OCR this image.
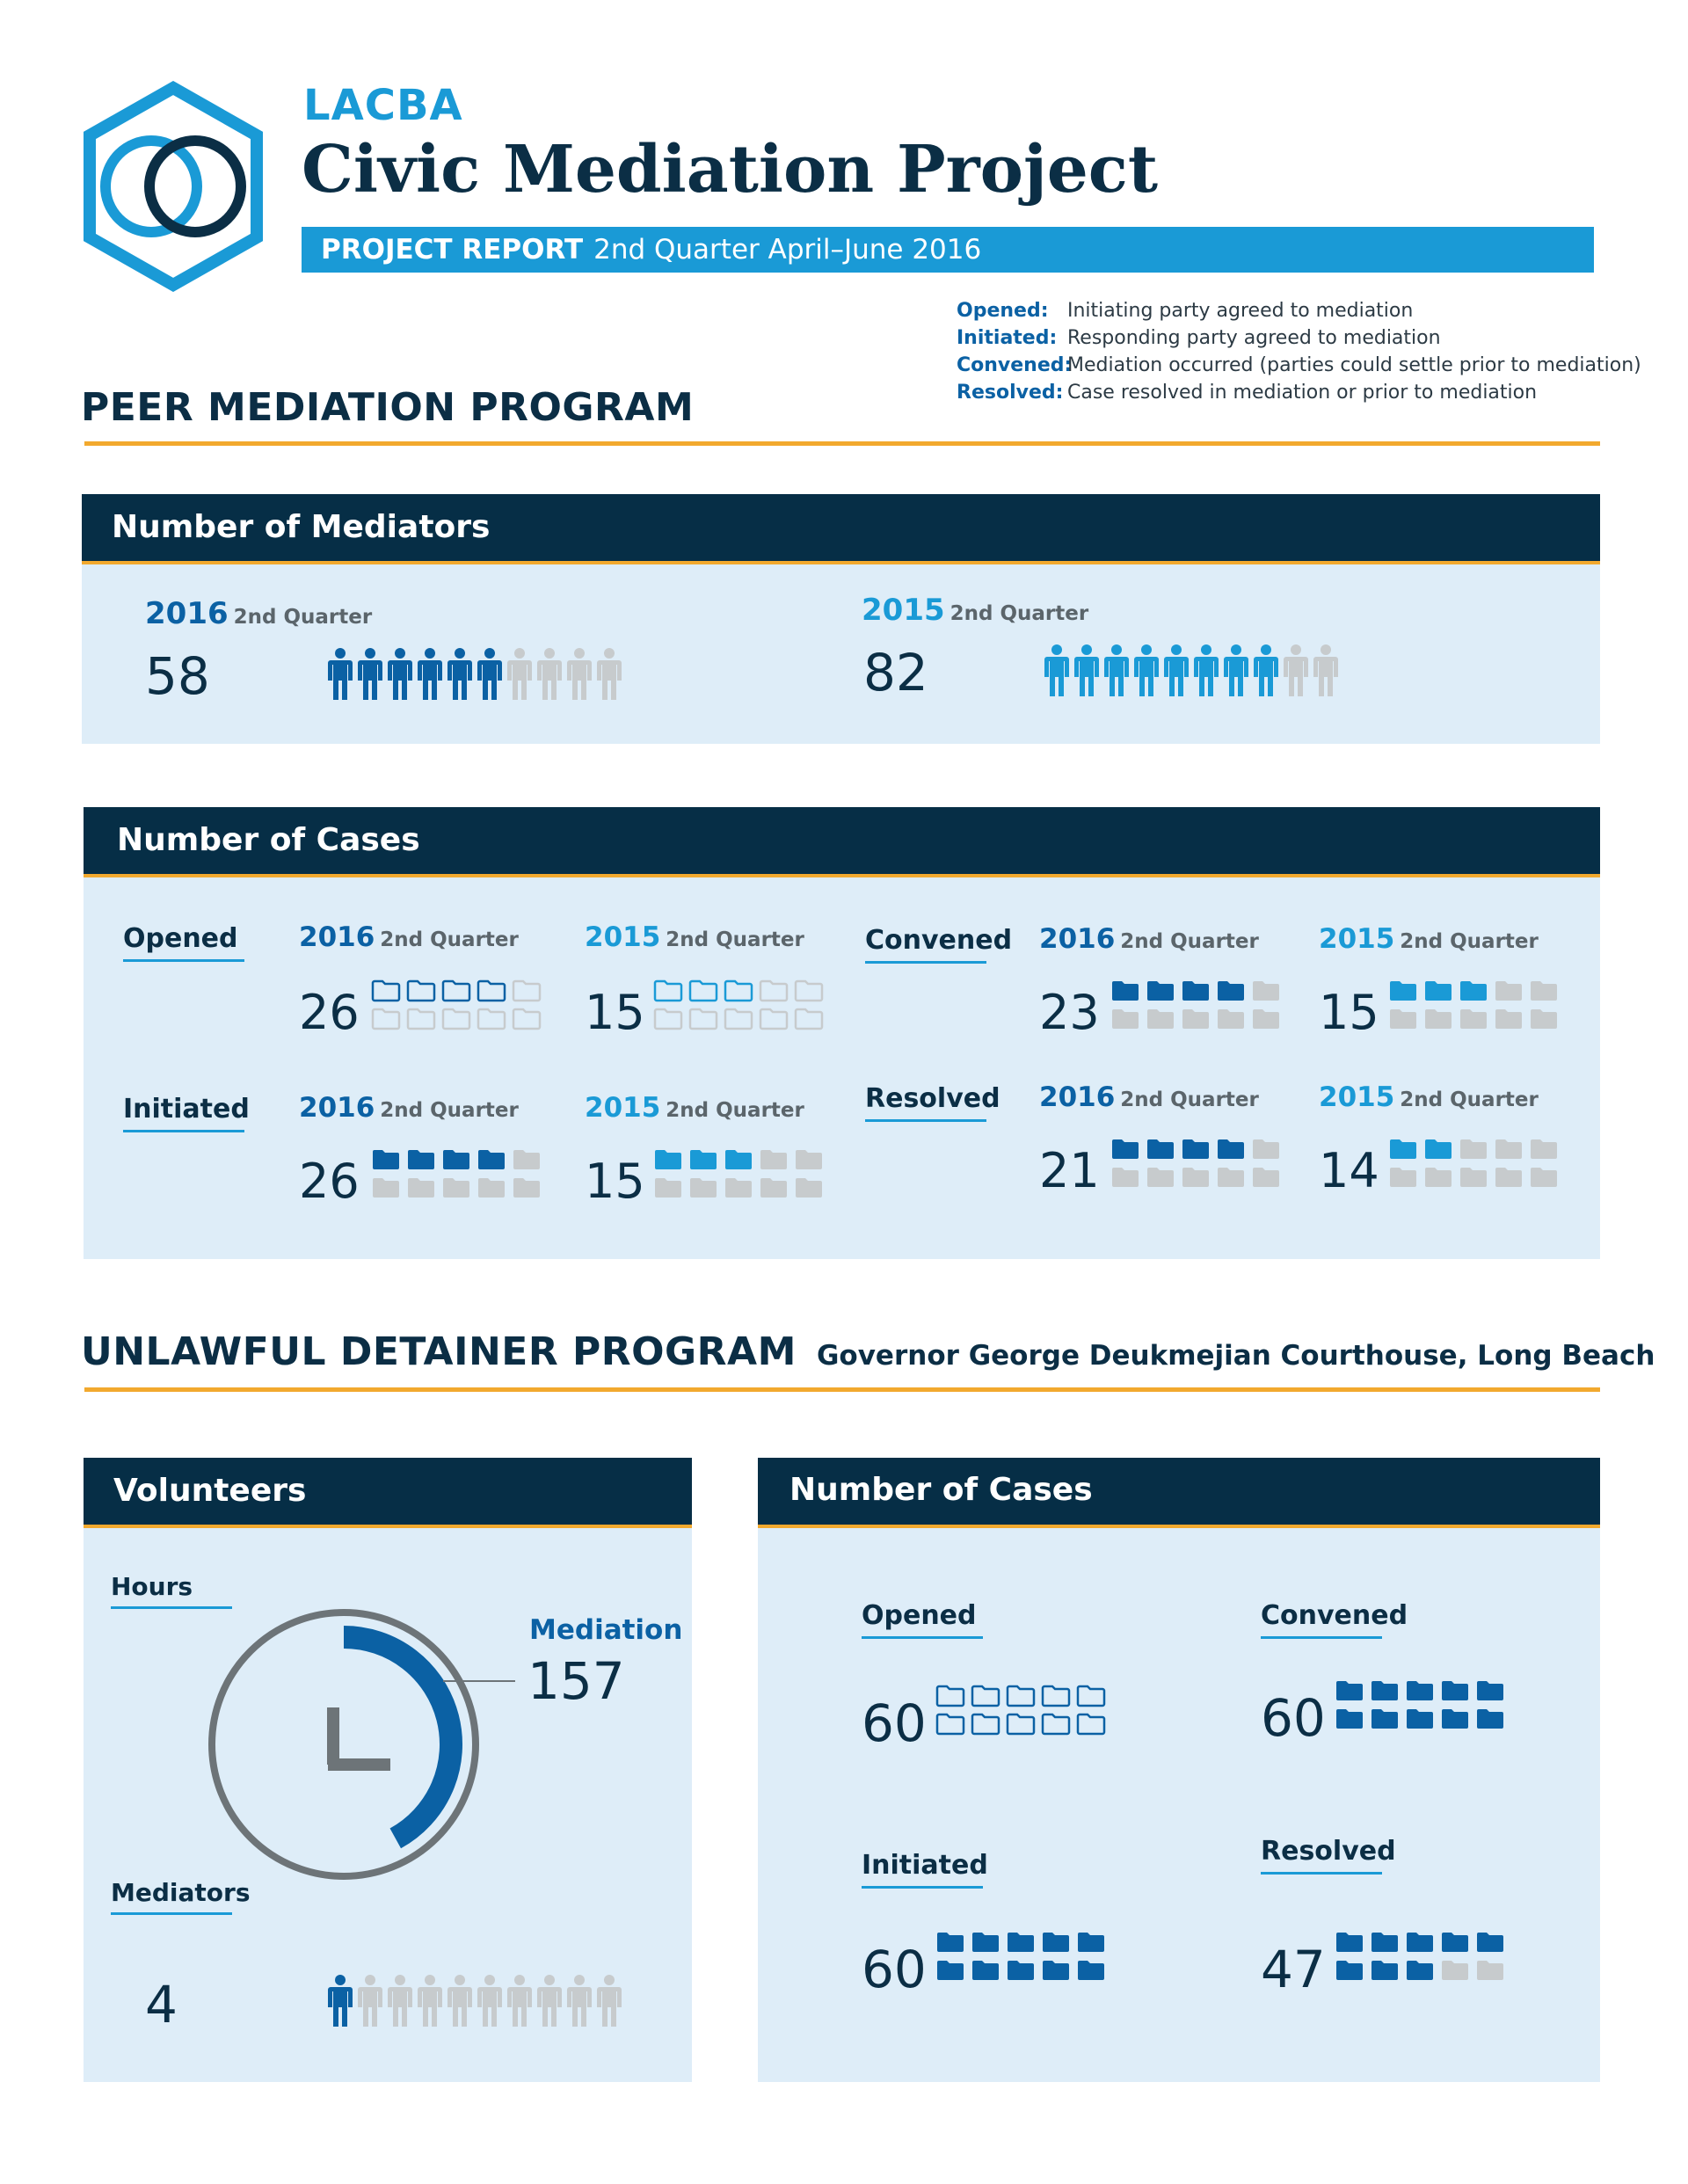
LACBA
Civic Mediation Project
PROJECT REPORT 2nd Quarter April–June 2016
Opened: Initiating party agreed to mediation
Initiated: Responding party agreed to mediation
Convened:Mediation occurred (parties could settle prior to mediation)
Resolved: Case resolved in mediation or prior to mediation
PEER MEDIATION PROGRAM
Number of Mediators
2016 2nd Quarter
58
2015 2nd Quarter
82
Number of Cases
Opened 2016 2nd Quarter
26
2015 2nd Quarter
15
Initiated 2016 2nd Quarter
26
2015 2nd Quarter
15
Convened 2016 2nd Quarter
23
2015 2nd Quarter
15
Resolved 2016 2nd Quarter
21
2015 2nd Quarter
14
UNLAWFUL DETAINER PROGRAM Governor George Deukmejian Courthouse, Long Beach
Volunteers
Hours
Mediation
157
Mediators
4
Number of Cases
Opened
60
Convened
60
Initiated
60
Resolved
47
